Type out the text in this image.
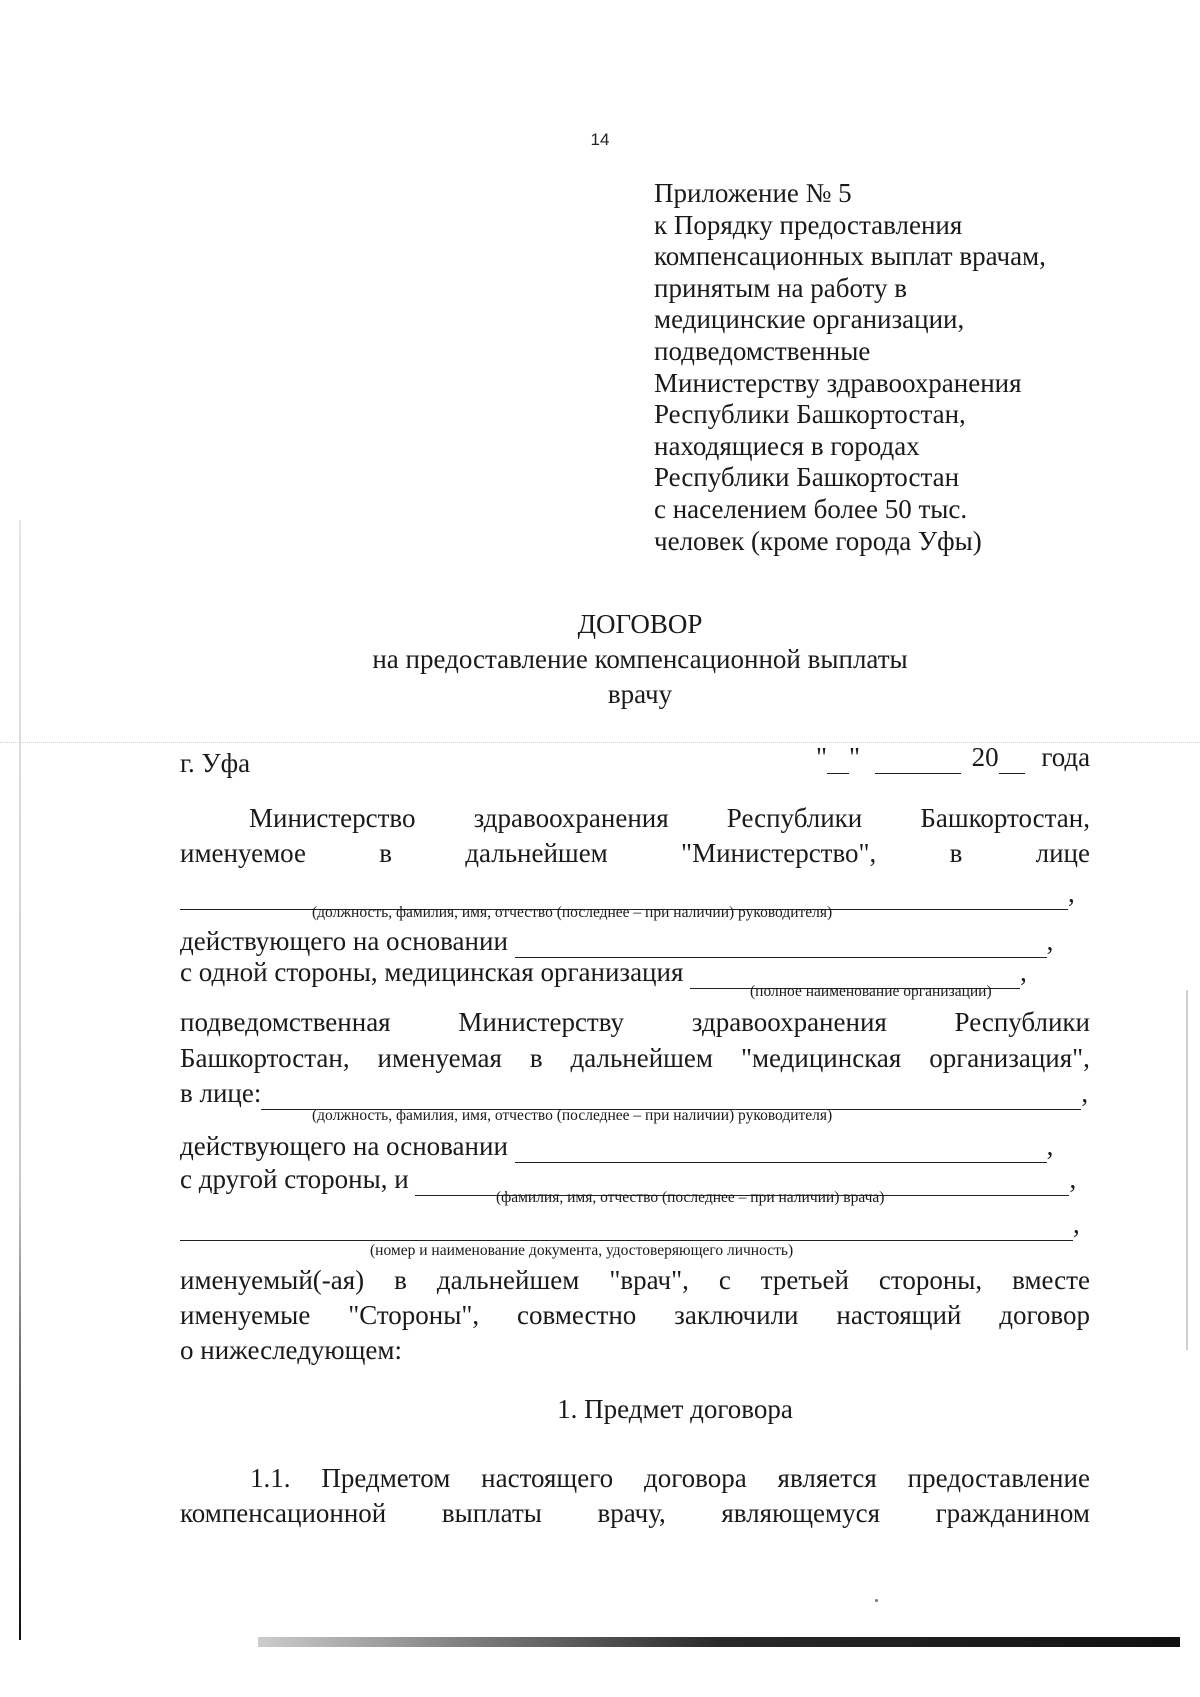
14
Приложение № 5
к Порядку предоставления
компенсационных выплат врачам,
принятым на работу в
медицинские организации,
подведомственные
Министерству здравоохранения
Республики Башкортостан,
находящиеся в городах
Республики Башкортостан
с населением более 50 тыс.
человек (кроме города Уфы)
ДОГОВОР
на предоставление компенсационной выплаты
врачу
г. Уфа	" "	20 года
Министерство здравоохранения Республики Башкортостан,
именуемое	в	дальнейшем	"Министерство",	в	лице
,
(должность, фамилия, имя, отчество (последнее – при наличии) руководителя)
действующего на основании	,
с одной стороны, медицинская организация	,
(полное наименование организации)
подведомственная	Министерству	здравоохранения	Республики
Башкортостан, именуемая в дальнейшем "медицинская организация",
в лице:	,
(должность, фамилия, имя, отчество (последнее – при наличии) руководителя)
действующего на основании	,
с другой стороны, и	,
(фамилия, имя, отчество (последнее – при наличии) врача)
,
(номер и наименование документа, удостоверяющего личность)
именуемый(-ая) в дальнейшем "врач", с третьей стороны, вместе
именуемые "Стороны", совместно заключили настоящий договор
о нижеследующем:
1. Предмет договора
1.1. Предметом настоящего договора является предоставление
компенсационной выплаты врачу, являющемуся гражданином
